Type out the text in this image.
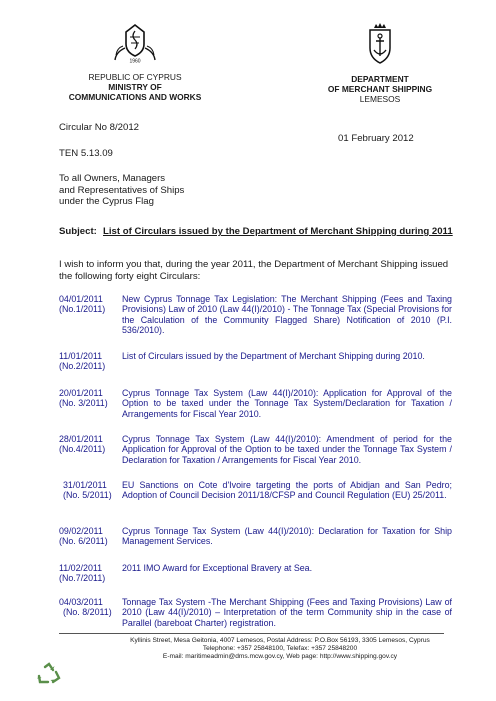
1960
REPUBLIC OF CYPRUS
MINISTRY OF
COMMUNICATIONS AND WORKS
DEPARTMENT
OF MERCHANT SHIPPING
LEMESOS
Circular No 8/2012
01 February 2012
TEN 5.13.09
To all Owners, Managers
and Representatives of Ships
under the Cyprus Flag
Subject: List of Circulars issued by the Department of Merchant Shipping during 2011
I wish to inform you that, during the year 2011, the Department of Merchant Shipping issued the following forty eight Circulars:
04/01/2011
(No.1/2011)
New Cyprus Tonnage Tax Legislation: The Merchant Shipping (Fees and Taxing Provisions) Law of 2010 (Law 44(I)/2010) - The Tonnage Tax (Special Provisions for the Calculation of the Community Flagged Share) Notification of 2010 (P.I. 536/2010).
11/01/2011
(No.2/2011)
List of Circulars issued by the Department of Merchant Shipping during 2010.
20/01/2011
(No. 3/2011)
Cyprus Tonnage Tax System (Law 44(I)/2010): Application for Approval of the Option to be taxed under the Tonnage Tax System/Declaration for Taxation / Arrangements for Fiscal Year 2010.
28/01/2011
(No.4/2011)
Cyprus Tonnage Tax System (Law 44(I)/2010): Amendment of period for the Application for Approval of the Option to be taxed under the Tonnage Tax System / Declaration for Taxation / Arrangements for Fiscal Year 2010.
31/01/2011
(No. 5/2011)
EU Sanctions on Cote d'Ivoire targeting the ports of Abidjan and San Pedro; Adoption of Council Decision 2011/18/CFSP and Council Regulation (EU) 25/2011.
09/02/2011
(No. 6/2011)
Cyprus Tonnage Tax System (Law 44(I)/2010): Declaration for Taxation for Ship Management Services.
11/02/2011
(No.7/2011)
2011 IMO Award for Exceptional Bravery at Sea.
04/03/2011
(No. 8/2011)
Tonnage Tax System -The Merchant Shipping (Fees and Taxing Provisions) Law of 2010 (Law 44(I)/2010) – Interpretation of the term Community ship in the case of Parallel (bareboat Charter) registration.
Kyllinis Street, Mesa Geitonia, 4007 Lemesos, Postal Address: P.O.Box 56193, 3305 Lemesos, Cyprus
Telephone: +357 25848100, Telefax: +357 25848200
E-mail: maritimeadmin@dms.mcw.gov.cy, Web page: http://www.shipping.gov.cy
